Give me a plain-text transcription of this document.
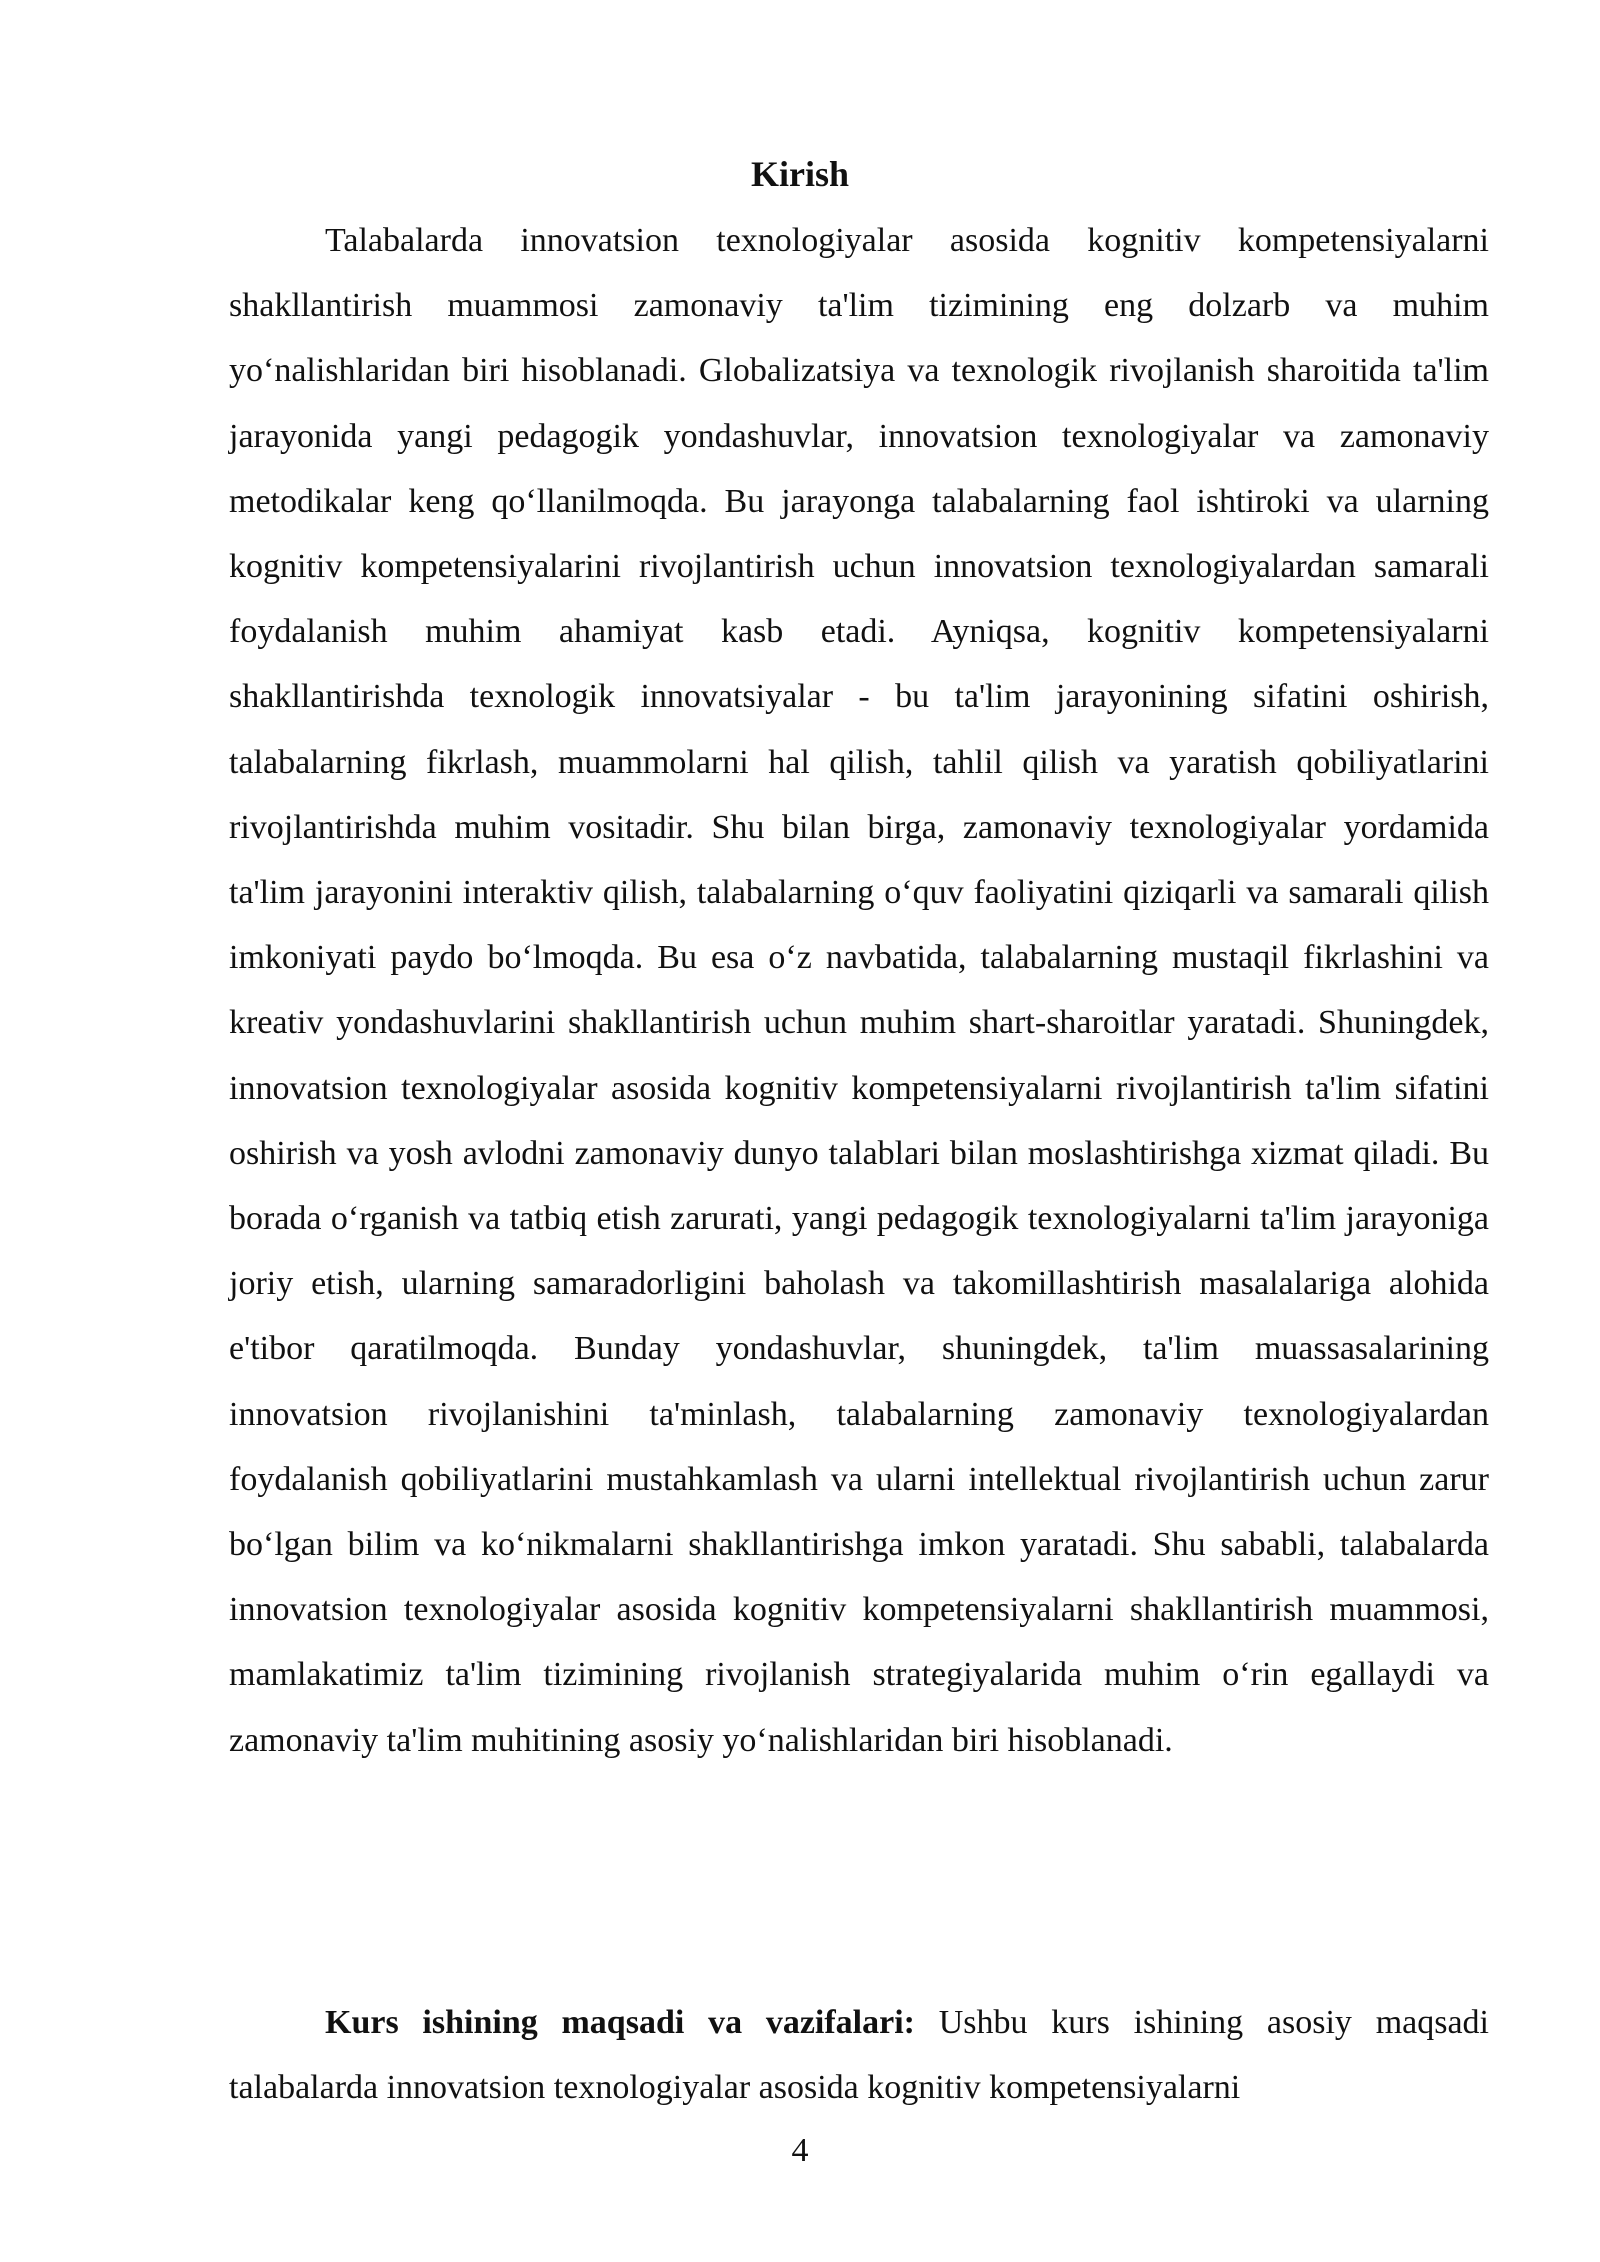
Kirish

Talabalarda innovatsion texnologiyalar asosida kognitiv kompetensiyalarni shakllantirish muammosi zamonaviy ta'lim tizimining eng dolzarb va muhim yo‘nalishlaridan biri hisoblanadi. Globalizatsiya va texnologik rivojlanish sharoitida ta'lim jarayonida yangi pedagogik yondashuvlar, innovatsion texnologiyalar va zamonaviy metodikalar keng qo‘llanilmoqda. Bu jarayonga talabalarning faol ishtiroki va ularning kognitiv kompetensiyalarini rivojlantirish uchun innovatsion texnologiyalardan samarali foydalanish muhim ahamiyat kasb etadi. Ayniqsa, kognitiv kompetensiyalarni shakllantirishda texnologik innovatsiyalar - bu ta'lim jarayonining sifatini oshirish, talabalarning fikrlash, muammolarni hal qilish, tahlil qilish va yaratish qobiliyatlarini rivojlantirishda muhim vositadir. Shu bilan birga, zamonaviy texnologiyalar yordamida ta'lim jarayonini interaktiv qilish, talabalarning o‘quv faoliyatini qiziqarli va samarali qilish imkoniyati paydo bo‘lmoqda. Bu esa o‘z navbatida, talabalarning mustaqil fikrlashini va kreativ yondashuvlarini shakllantirish uchun muhim shart-sharoitlar yaratadi. Shuningdek, innovatsion texnologiyalar asosida kognitiv kompetensiyalarni rivojlantirish ta'lim sifatini oshirish va yosh avlodni zamonaviy dunyo talablari bilan moslashtirishga xizmat qiladi. Bu borada o‘rganish va tatbiq etish zarurati, yangi pedagogik texnologiyalarni ta'lim jarayoniga joriy etish, ularning samaradorligini baholash va takomillashtirish masalalariga alohida e'tibor qaratilmoqda. Bunday yondashuvlar, shuningdek, ta'lim muassasalarining innovatsion rivojlanishini ta'minlash, talabalarning zamonaviy texnologiyalardan foydalanish qobiliyatlarini mustahkamlash va ularni intellektual rivojlantirish uchun zarur bo‘lgan bilim va ko‘nikmalarni shakllantirishga imkon yaratadi. Shu sababli, talabalarda innovatsion texnologiyalar asosida kognitiv kompetensiyalarni shakllantirish muammosi, mamlakatimiz ta'lim tizimining rivojlanish strategiyalarida muhim o‘rin egallaydi va zamonaviy ta'lim muhitining asosiy yo‘nalishlaridan biri hisoblanadi.

Kurs ishining maqsadi va vazifalari: Ushbu kurs ishining asosiy maqsadi talabalarda innovatsion texnologiyalar asosida kognitiv kompetensiyalarni

4
